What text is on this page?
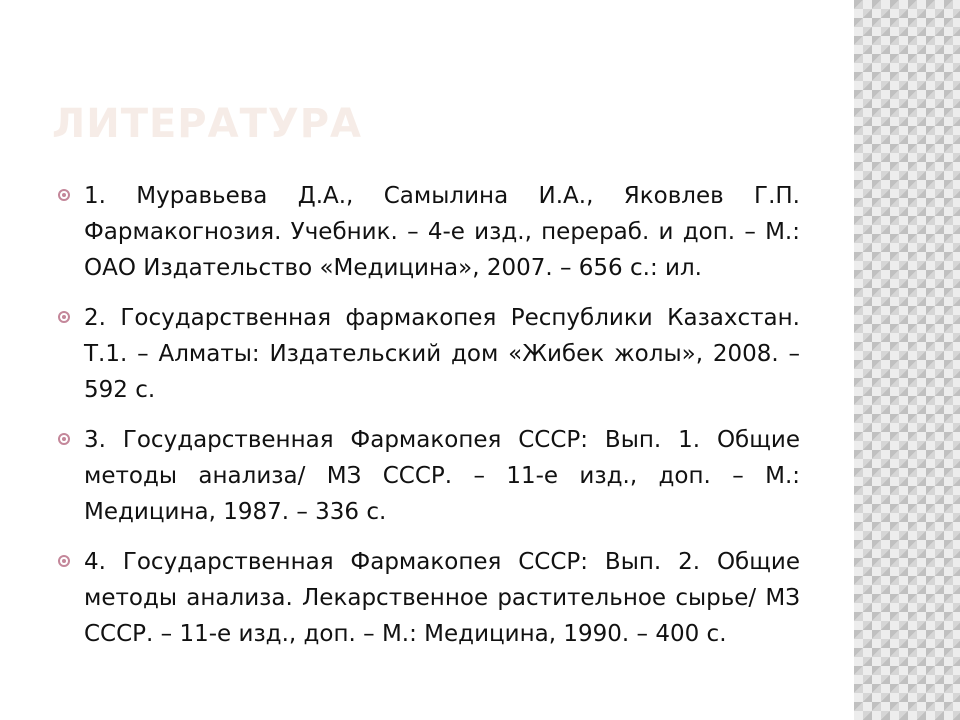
ЛИТЕРАТУРА
1. Муравьева Д.А., Самылина И.А., Яковлев Г.П. Фармакогнозия. Учебник. – 4-е изд., перераб. и доп. – М.: ОАО Издательство «Медицина», 2007. – 656 с.: ил.
2. Государственная фармакопея Республики Казахстан. Т.1. – Алматы: Издательский дом «Жибек жолы», 2008. – 592 с.
3. Государственная Фармакопея СССР: Вып. 1. Общие методы анализа/ МЗ СССР. – 11-е изд., доп. – М.: Медицина, 1987. – 336 с.
4. Государственная Фармакопея СССР: Вып. 2. Общие методы анализа. Лекарственное растительное сырье/ МЗ СССР. – 11-е изд., доп. – М.: Медицина, 1990. – 400 с.
